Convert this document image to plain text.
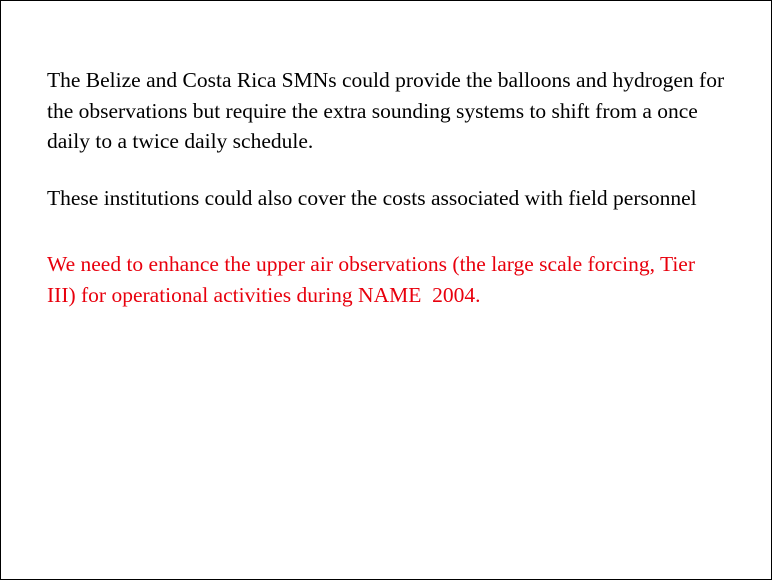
The Belize and Costa Rica SMNs could provide the balloons and hydrogen for the observations but require the extra sounding systems to shift from a once daily to a twice daily schedule.

These institutions could also cover the costs associated with field personnel

We need to enhance the upper air observations (the large scale forcing, Tier III) for operational activities during NAME  2004.
